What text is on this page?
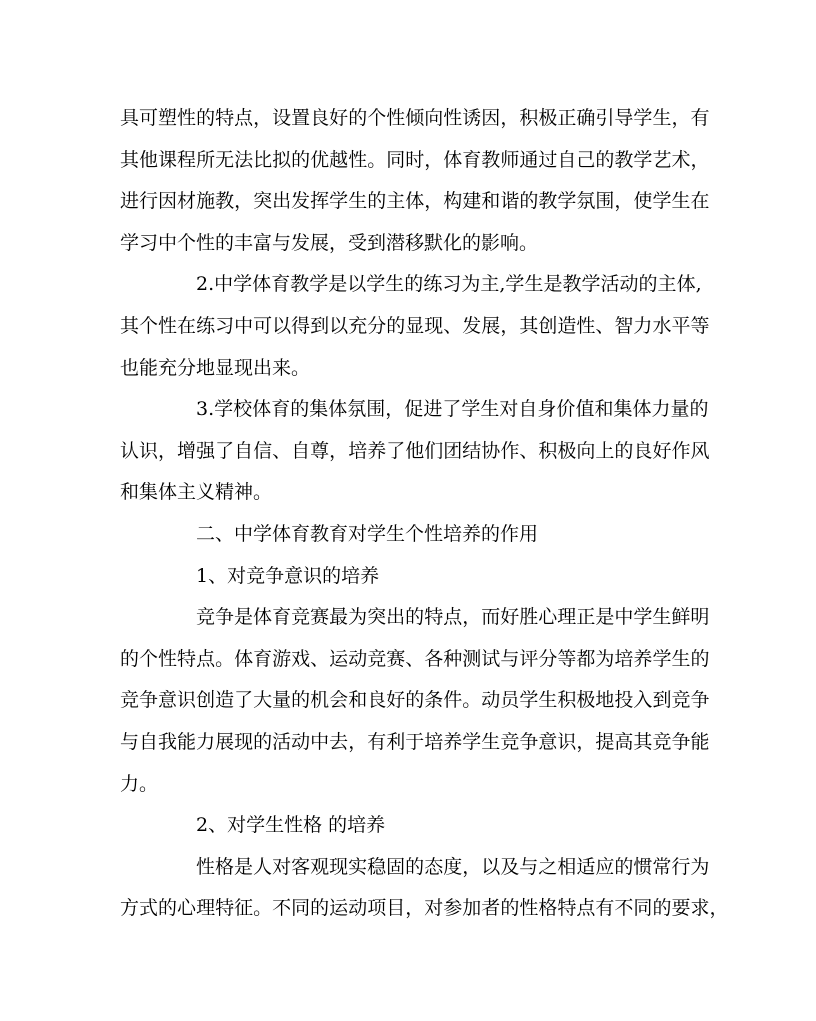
具 可 塑 性 的 特 点 ， 设 置 良 好 的 个 性 倾 向 性 诱 因 ， 积 极 正 确 引 导 学 生 ， 有
其 他 课 程 所 无 法 比 拟 的 优 越 性 。 同 时 ， 体 育 教 师 通 过 自 己 的 教 学 艺 术 ，
进 行 因 材 施 教 ， 突 出 发 挥 学 生 的 主 体 ， 构 建 和 谐 的 教 学 氛 围 ， 使 学 生 在
学习中个性的丰富与发展，受到潜移默化的影响。
2 . 中 学 体 育 教 学 是 以 学 生 的 练 习 为 主 , 学 生 是 教 学 活 动 的 主 体 ,
其 个 性 在 练 习 中 可 以 得 到 以 充 分 的 显 现 、 发 展 ， 其 创 造 性 、 智 力 水 平 等
也能充分地显现出来。
3 . 学 校 体 育 的 集 体 氛 围 ， 促 进 了 学 生 对 自 身 价 值 和 集 体 力 量 的
认 识 ， 增 强 了 自 信 、 自 尊 ， 培 养 了 他 们 团 结 协 作 、 积 极 向 上 的 良 好 作 风
和集体主义精神。
二、中学体育教育对学生个性培养的作用
1、对竞争意识的培养
竞 争 是 体 育 竞 赛 最 为 突 出 的 特 点 ， 而 好 胜 心 理 正 是 中 学 生 鲜 明
的 个 性 特 点 。 体 育 游 戏 、 运 动 竞 赛 、 各 种 测 试 与 评 分 等 都 为 培 养 学 生 的
竞 争 意 识 创 造 了 大 量 的 机 会 和 良 好 的 条 件 。 动 员 学 生 积 极 地 投 入 到 竞 争
与 自 我 能 力 展 现 的 活 动 中 去 ， 有 利 于 培 养 学 生 竞 争 意 识 ， 提 高 其 竞 争 能
力。
2、对学生性格 的培养
性 格 是 人 对 客 观 现 实 稳 固 的 态 度 ， 以 及 与 之 相 适 应 的 惯 常 行 为
方 式 的 心 理 特 征 。 不 同 的 运 动 项 目 ， 对 参 加 者 的 性 格 特 点 有 不 同 的 要 求 ，
